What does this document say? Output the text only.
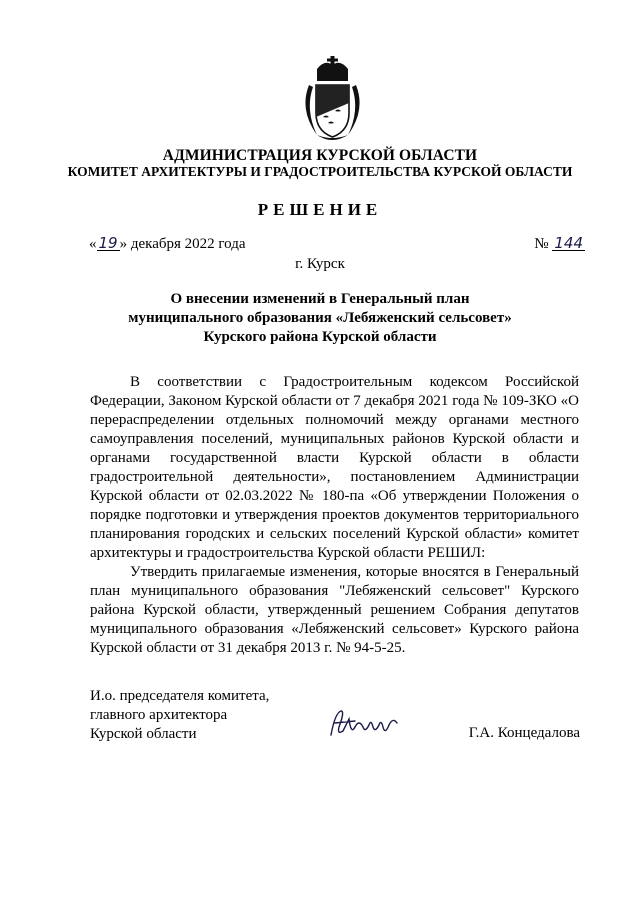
АДМИНИСТРАЦИЯ КУРСКОЙ ОБЛАСТИ
КОМИТЕТ АРХИТЕКТУРЫ И ГРАДОСТРОИТЕЛЬСТВА КУРСКОЙ ОБЛАСТИ
РЕШЕНИЕ
« 19 » декабря 2022 года	№ 144
г. Курск
О внесении изменений в Генеральный план
муниципального образования «Лебяженский сельсовет»
Курского района Курской области

В соответствии с Градостроительным кодексом Российской Федерации, Законом Курской области от 7 декабря 2021 года № 109-ЗКО «О перераспределении отдельных полномочий между органами местного самоуправления поселений, муниципальных районов Курской области и органами государственной власти Курской области в области градостроительной деятельности», постановлением Администрации Курской области от 02.03.2022 № 180-па «Об утверждении Положения о порядке подготовки и утверждения проектов документов территориального планирования городских и сельских поселений Курской области» комитет архитектуры и градостроительства Курской области РЕШИЛ:

Утвердить прилагаемые изменения, которые вносятся в Генеральный план муниципального образования "Лебяженский сельсовет" Курского района Курской области, утвержденный решением Собрания депутатов муниципального образования «Лебяженский сельсовет» Курского района Курской области от 31 декабря 2013 г. № 94-5-25.

И.о. председателя комитета,
главного архитектора
Курской области	Г.А. Концедалова
